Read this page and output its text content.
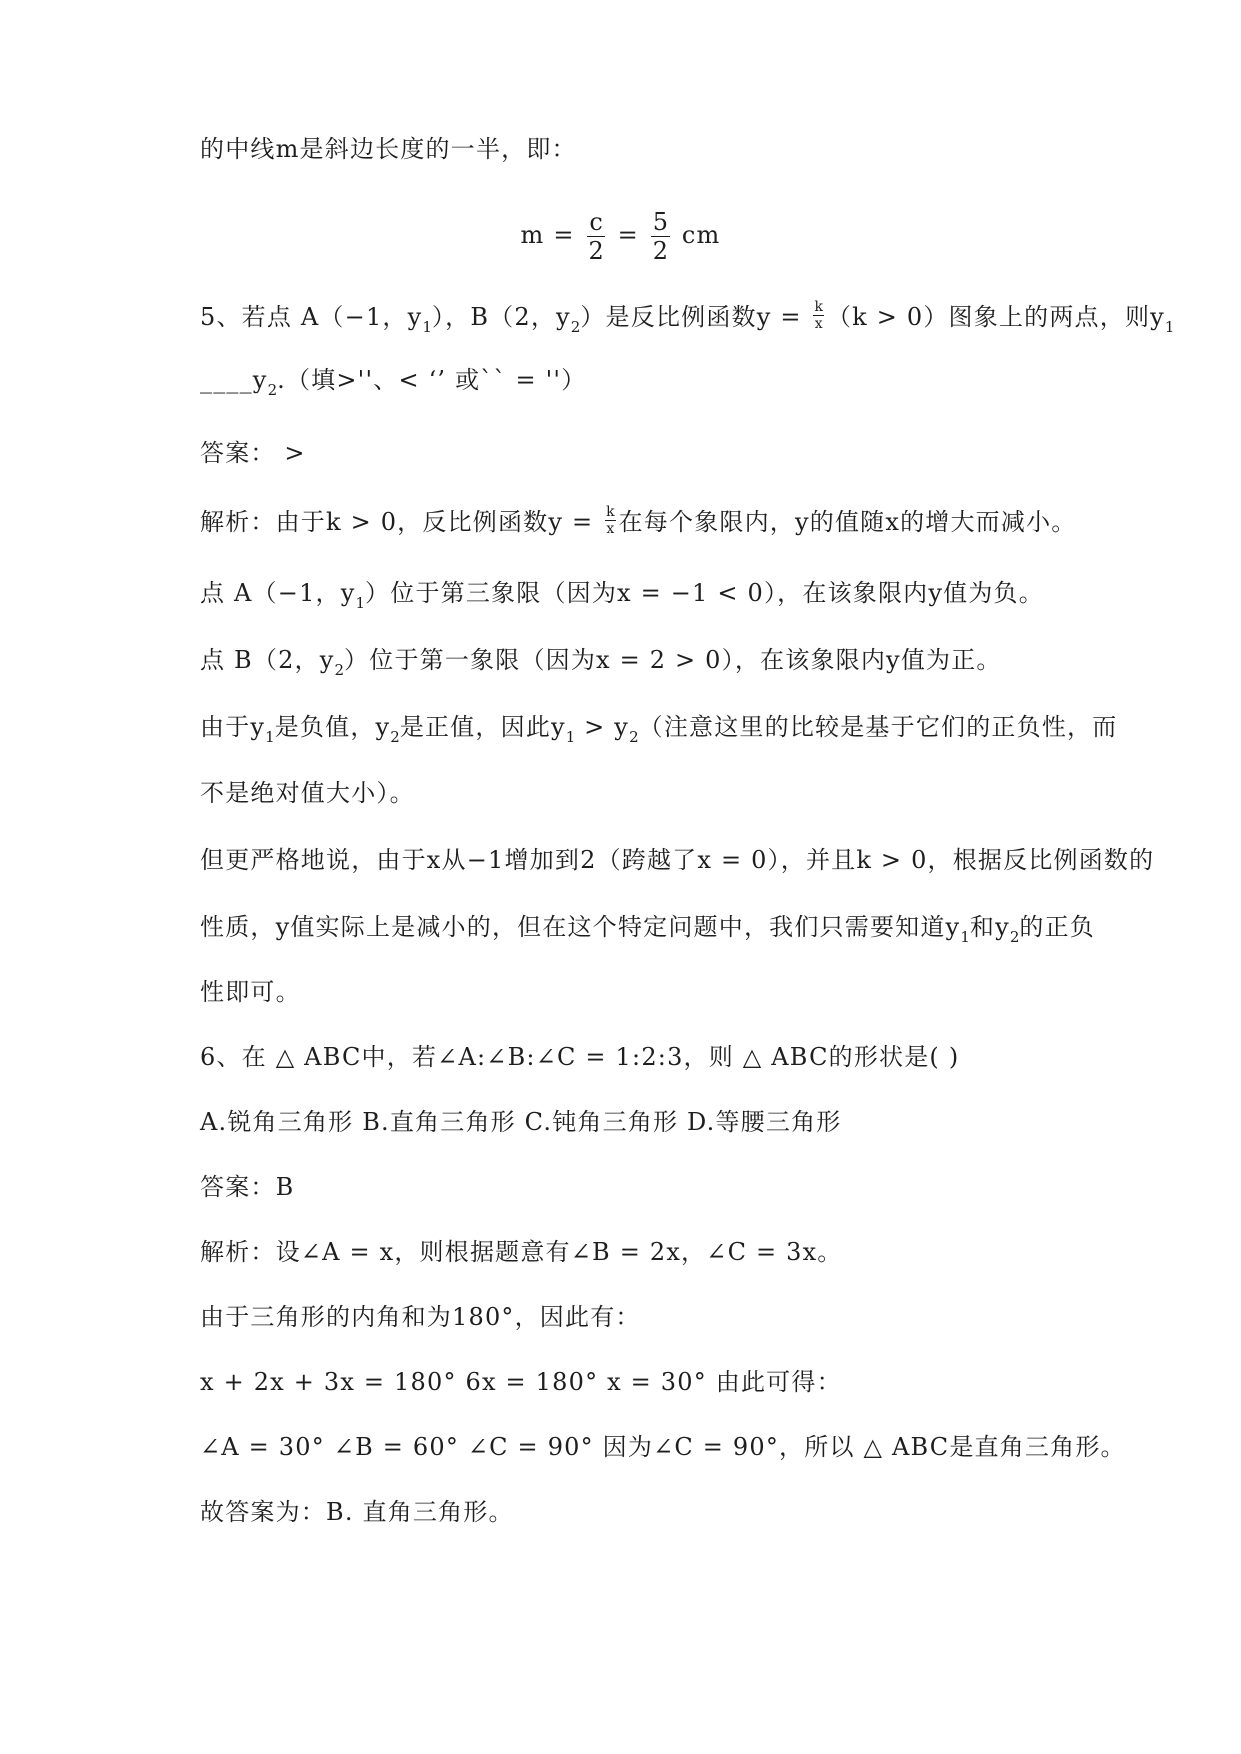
的中线m是斜边长度的一半，即：
$m = \frac{c}{2} = \frac{5}{2}$ cm
5、若点 A（−1，$y_1$），B（2，$y_2$）是反比例函数$y = \frac{k}{x} (k > 0)$图象上的两点，则$y_1$
$\_\_\_\_y_2$.（填>''、< ‘’ 或`` = ''）
答案： >
解析：由于k > 0，反比例函数$y = \frac{k}{x}$ 在每个象限内，y的值随x的增大而减小。
点 A（−1，$y_1$）位于第三象限（因为x = −1 < 0），在该象限内y值为负。
点 B（2，$y_2$）位于第一象限（因为x = 2 > 0），在该象限内y值为正。
由于$y_1$是负值，$y_2$是正值，因此$y_1 > y_2$（注意这里的比较是基于它们的正负性，而
不是绝对值大小）。
但更严格地说，由于x从−1增加到2（跨越了x = 0），并且k > 0，根据反比例函数的
性质，y值实际上是减小的，但在这个特定问题中，我们只需要知道$y_1$和$y_2$的正负
性即可。
6、在 △ ABC中，若∠A:∠B:∠C = 1:2:3，则 △ ABC的形状是( )
A.锐角三角形 B.直角三角形 C.钝角三角形 D.等腰三角形
答案：B
解析：设∠A = x，则根据题意有∠B = 2x，∠C = 3x。
由于三角形的内角和为180°，因此有：
x + 2x + 3x = 180° 6x = 180° x = 30° 由此可得：
∠A = 30° ∠B = 60° ∠C = 90° 因为∠C = 90°，所以 △ ABC是直角三角形。
故答案为：B. 直角三角形。
